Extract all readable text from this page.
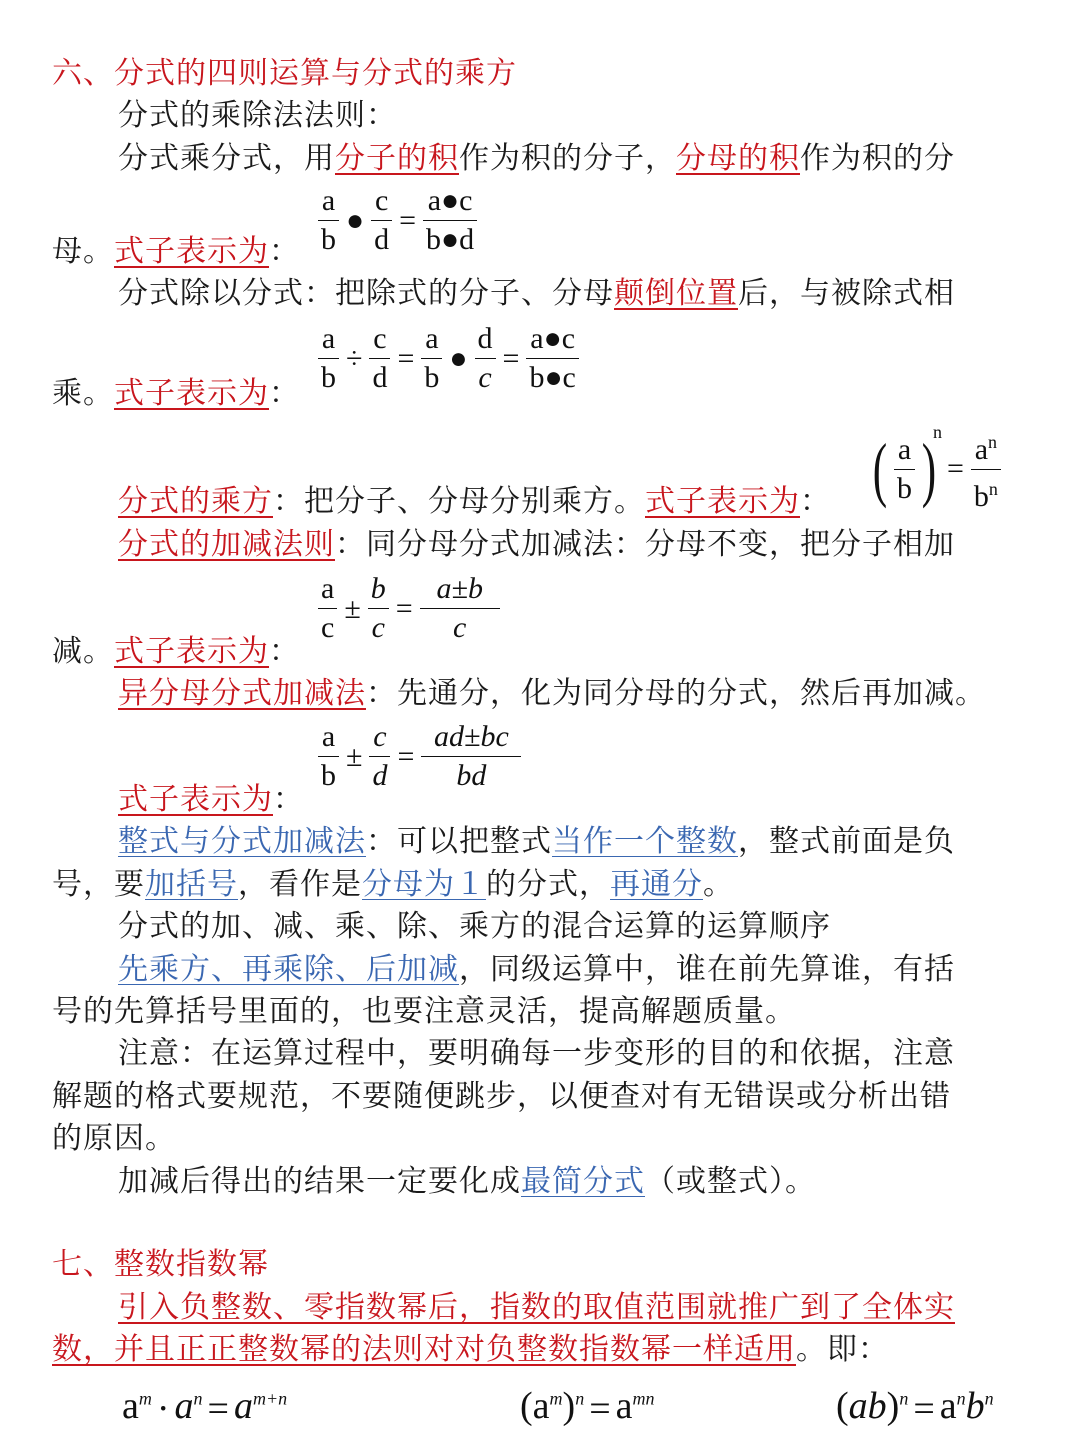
六、分式的四则运算与分式的乘方
分式的乘除法法则：
分式乘分式，用分子的积作为积的分子，分母的积作为积的分
$\frac{a}{b}$ ● $\frac{c}{d} = \frac{a●c}{b●d}$
母。式子表示为：
分式除以分式：把除式的分子、分母颠倒位置后，与被除式相
$\frac{a}{b} \div \frac{c}{d} = \frac{a}{b}$ ● $\frac{d}{c} = \frac{a●c}{b●c}$
乘。式子表示为：
( $\frac{a}{b} )^n= \frac{a^n}{b^n}$
分式的乘方：把分子、分母分别乘方。式子表示为：
分式的加减法则：同分母分式加减法：分母不变，把分子相加
$\frac{a}{c} \pm \frac{b}{c} = \frac{a\pm b}{c}$
减。式子表示为：
异分母分式加减法：先通分，化为同分母的分式，然后再加减。
$\frac{a}{b} \pm \frac{c}{d} = \frac{ad\pm bc}{bd}$
式子表示为：
整式与分式加减法：可以把整式当作一个整数，整式前面是负
号，要加括号，看作是分母为１的分式，再通分。
分式的加、减、乘、除、乘方的混合运算的运算顺序
先乘方、再乘除、后加减，同级运算中，谁在前先算谁，有括
号的先算括号里面的，也要注意灵活，提高解题质量。
注意：在运算过程中，要明确每一步变形的目的和依据，注意
解题的格式要规范，不要随便跳步，以便查对有无错误或分析出错
的原因。
加减后得出的结果一定要化成最简分式（或整式）。
七、整数指数幂
引入负整数、零指数幂后，指数的取值范围就推广到了全体实
数，并且正正整数幂的法则对对负整数指数幂一样适用。即：
$a^m \cdot a^n = a^{m+n}$	$(a^m)^n = a^{mn}$	$(ab)^n = a^nb^n$
